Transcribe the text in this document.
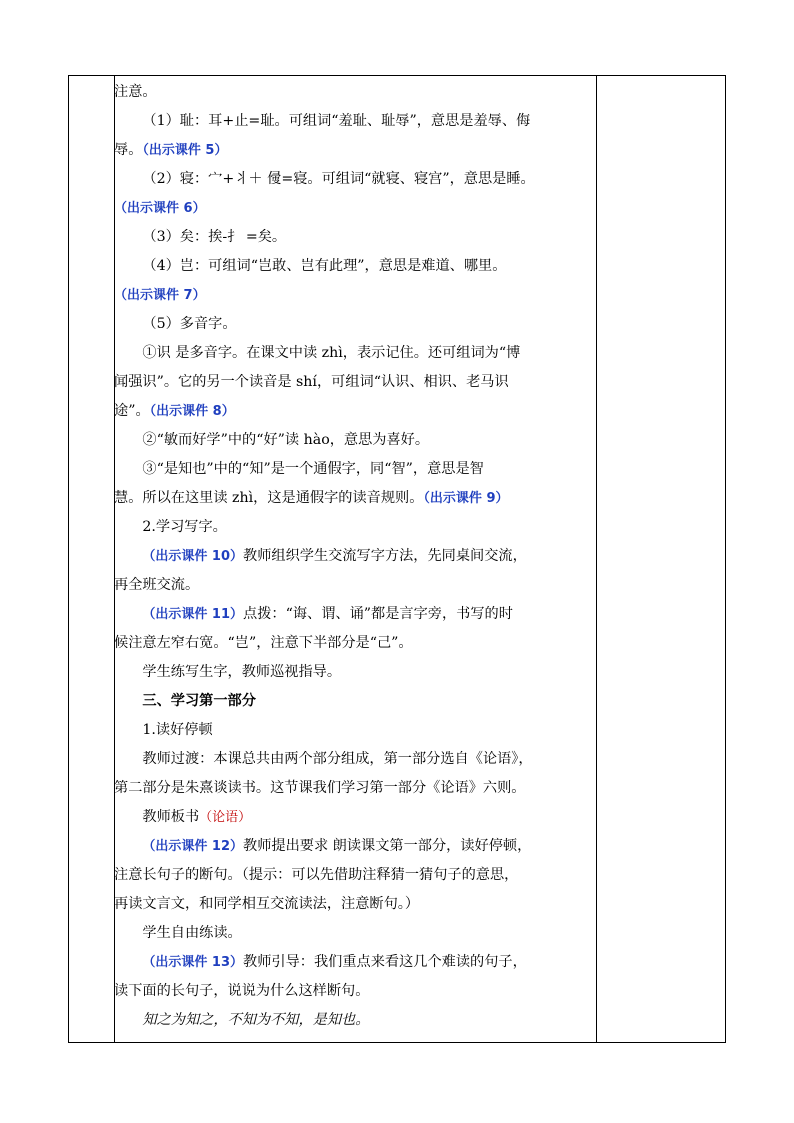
注意。

（1）耻：耳+止=耻。可组词“羞耻、耻辱”，意思是羞辱、侮

辱。（出示课件 5）

（2）寝：宀+丬＋ 㑴=寝。可组词“就寝、寝宫”，意思是睡。

（出示课件 6）

（3）矣：挨-扌 =矣。

（4）岂：可组词“岂敢、岂有此理”，意思是难道、哪里。

（出示课件 7）

（5）多音字。

①识 是多音字。在课文中读 zhì，表示记住。还可组词为“博

闻强识”。它的另一个读音是 shí，可组词“认识、相识、老马识

途”。（出示课件 8）

②“敏而好学”中的“好”读 hào，意思为喜好。

③“是知也”中的“知”是一个通假字，同“智”，意思是智

慧。所以在这里读 zhì，这是通假字的读音规则。（出示课件 9）

2.学习写字。

（出示课件 10）教师组织学生交流写字方法，先同桌间交流，

再全班交流。

（出示课件 11）点拨：“诲、谓、诵”都是言字旁，书写的时

候注意左窄右宽。“岂”，注意下半部分是“己”。

学生练写生字，教师巡视指导。

三、学习第一部分

1.读好停顿

教师过渡：本课总共由两个部分组成，第一部分选自《论语》，

第二部分是朱熹谈读书。这节课我们学习第一部分《论语》六则。

教师板书（论语）

（出示课件 12）教师提出要求 朗读课文第一部分，读好停顿，

注意长句子的断句。（提示：可以先借助注释猜一猜句子的意思，

再读文言文，和同学相互交流读法，注意断句。）

学生自由练读。

（出示课件 13）教师引导：我们重点来看这几个难读的句子，

读下面的长句子，说说为什么这样断句。

知之为知之，不知为不知，是知也。
